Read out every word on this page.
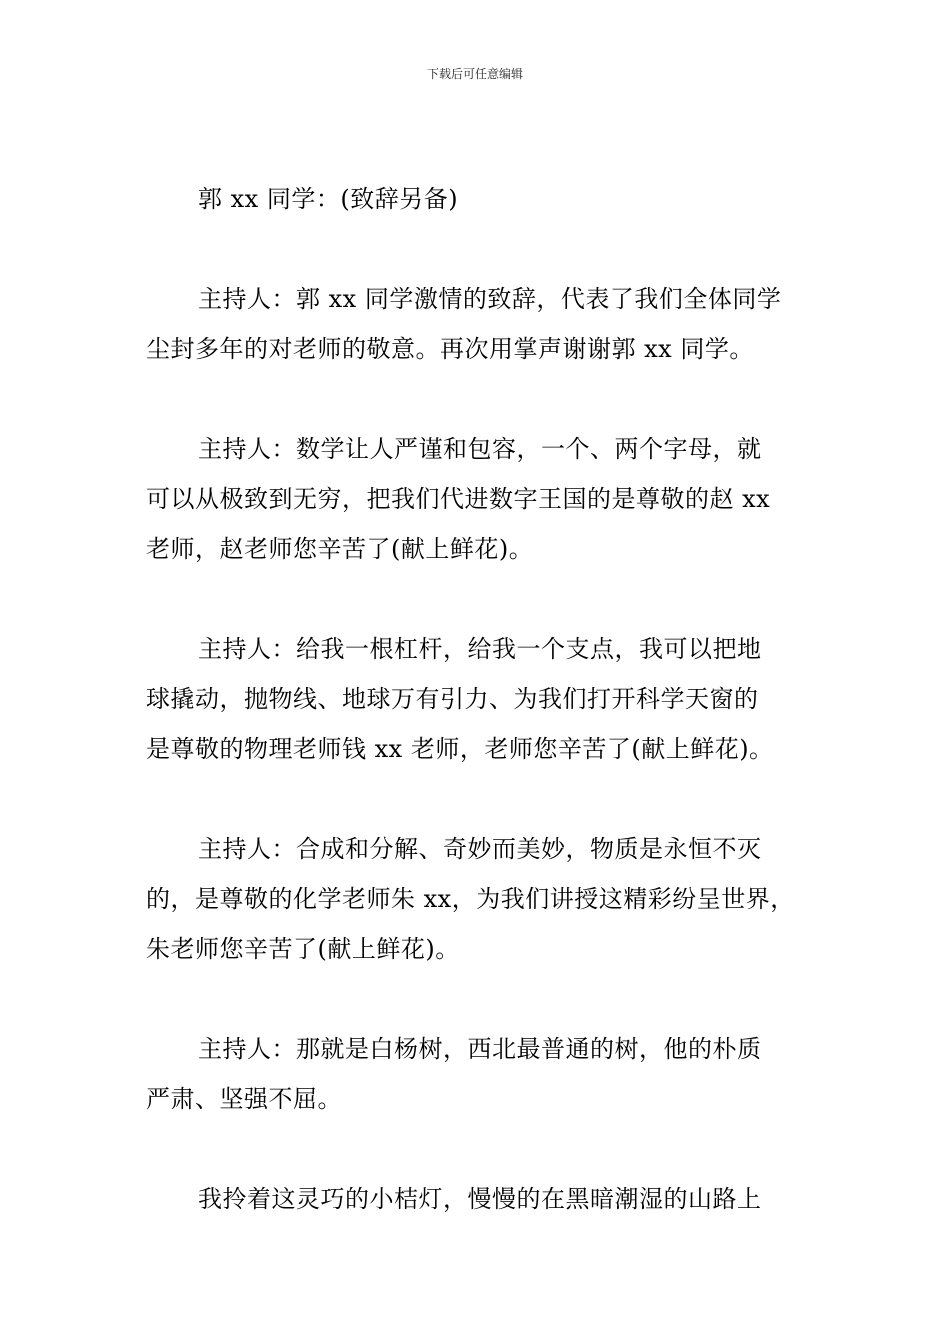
下载后可任意编辑
郭 xx 同学：(致辞另备)
主持人：郭 xx 同学激情的致辞，代表了我们全体同学
尘封多年的对老师的敬意。再次用掌声谢谢郭 xx 同学。
主持人：数学让人严谨和包容，一个、两个字母，就
可以从极致到无穷，把我们代进数字王国的是尊敬的赵 xx
老师，赵老师您辛苦了(献上鲜花)。
主持人：给我一根杠杆，给我一个支点，我可以把地
球撬动，抛物线、地球万有引力、为我们打开科学天窗的
是尊敬的物理老师钱 xx 老师，老师您辛苦了(献上鲜花)。
主持人：合成和分解、奇妙而美妙，物质是永恒不灭
的，是尊敬的化学老师朱 xx，为我们讲授这精彩纷呈世界，
朱老师您辛苦了(献上鲜花)。
主持人：那就是白杨树，西北最普通的树，他的朴质
严肃、坚强不屈。
我拎着这灵巧的小桔灯，慢慢的在黑暗潮湿的山路上
